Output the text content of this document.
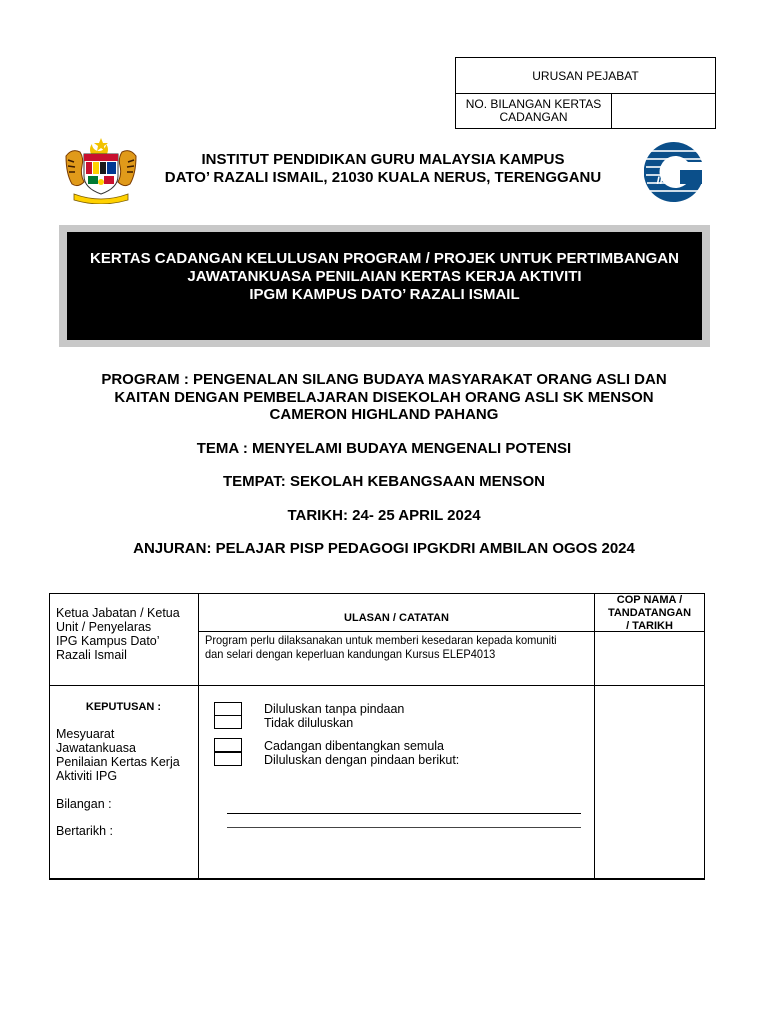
URUSAN PEJABAT
NO. BILANGAN KERTAS
CADANGAN
INSTITUT PENDIDIKAN GURU MALAYSIA KAMPUS
DATO’ RAZALI ISMAIL, 21030 KUALA NERUS, TERENGGANU	IPG
KERTAS CADANGAN KELULUSAN PROGRAM / PROJEK UNTUK PERTIMBANGAN
JAWATANKUASA PENILAIAN KERTAS KERJA AKTIVITI
IPGM KAMPUS DATO’ RAZALI ISMAIL
PROGRAM : PENGENALAN SILANG BUDAYA MASYARAKAT ORANG ASLI DAN
KAITAN DENGAN PEMBELAJARAN DISEKOLAH ORANG ASLI SK MENSON
CAMERON HIGHLAND PAHANG
TEMA : MENYELAMI BUDAYA MENGENALI POTENSI
TEMPAT: SEKOLAH KEBANGSAAN MENSON
TARIKH: 24- 25 APRIL 2024
ANJURAN: PELAJAR PISP PEDAGOGI IPGKDRI AMBILAN OGOS 2024
Ketua Jabatan / Ketua
Unit / Penyelaras
IPG Kampus Dato’
Razali Ismail
ULASAN / CATATAN
COP NAMA /
TANDATANGAN
/ TARIKH
Program perlu dilaksanakan untuk memberi kesedaran kepada komuniti
dan selari dengan keperluan kandungan Kursus ELEP4013
KEPUTUSAN :
Mesyuarat
Jawatankuasa
Penilaian Kertas Kerja
Aktiviti IPG
Bilangan :
Bertarikh :
Diluluskan tanpa pindaan
Tidak diluluskan
Cadangan dibentangkan semula
Diluluskan dengan pindaan berikut:
